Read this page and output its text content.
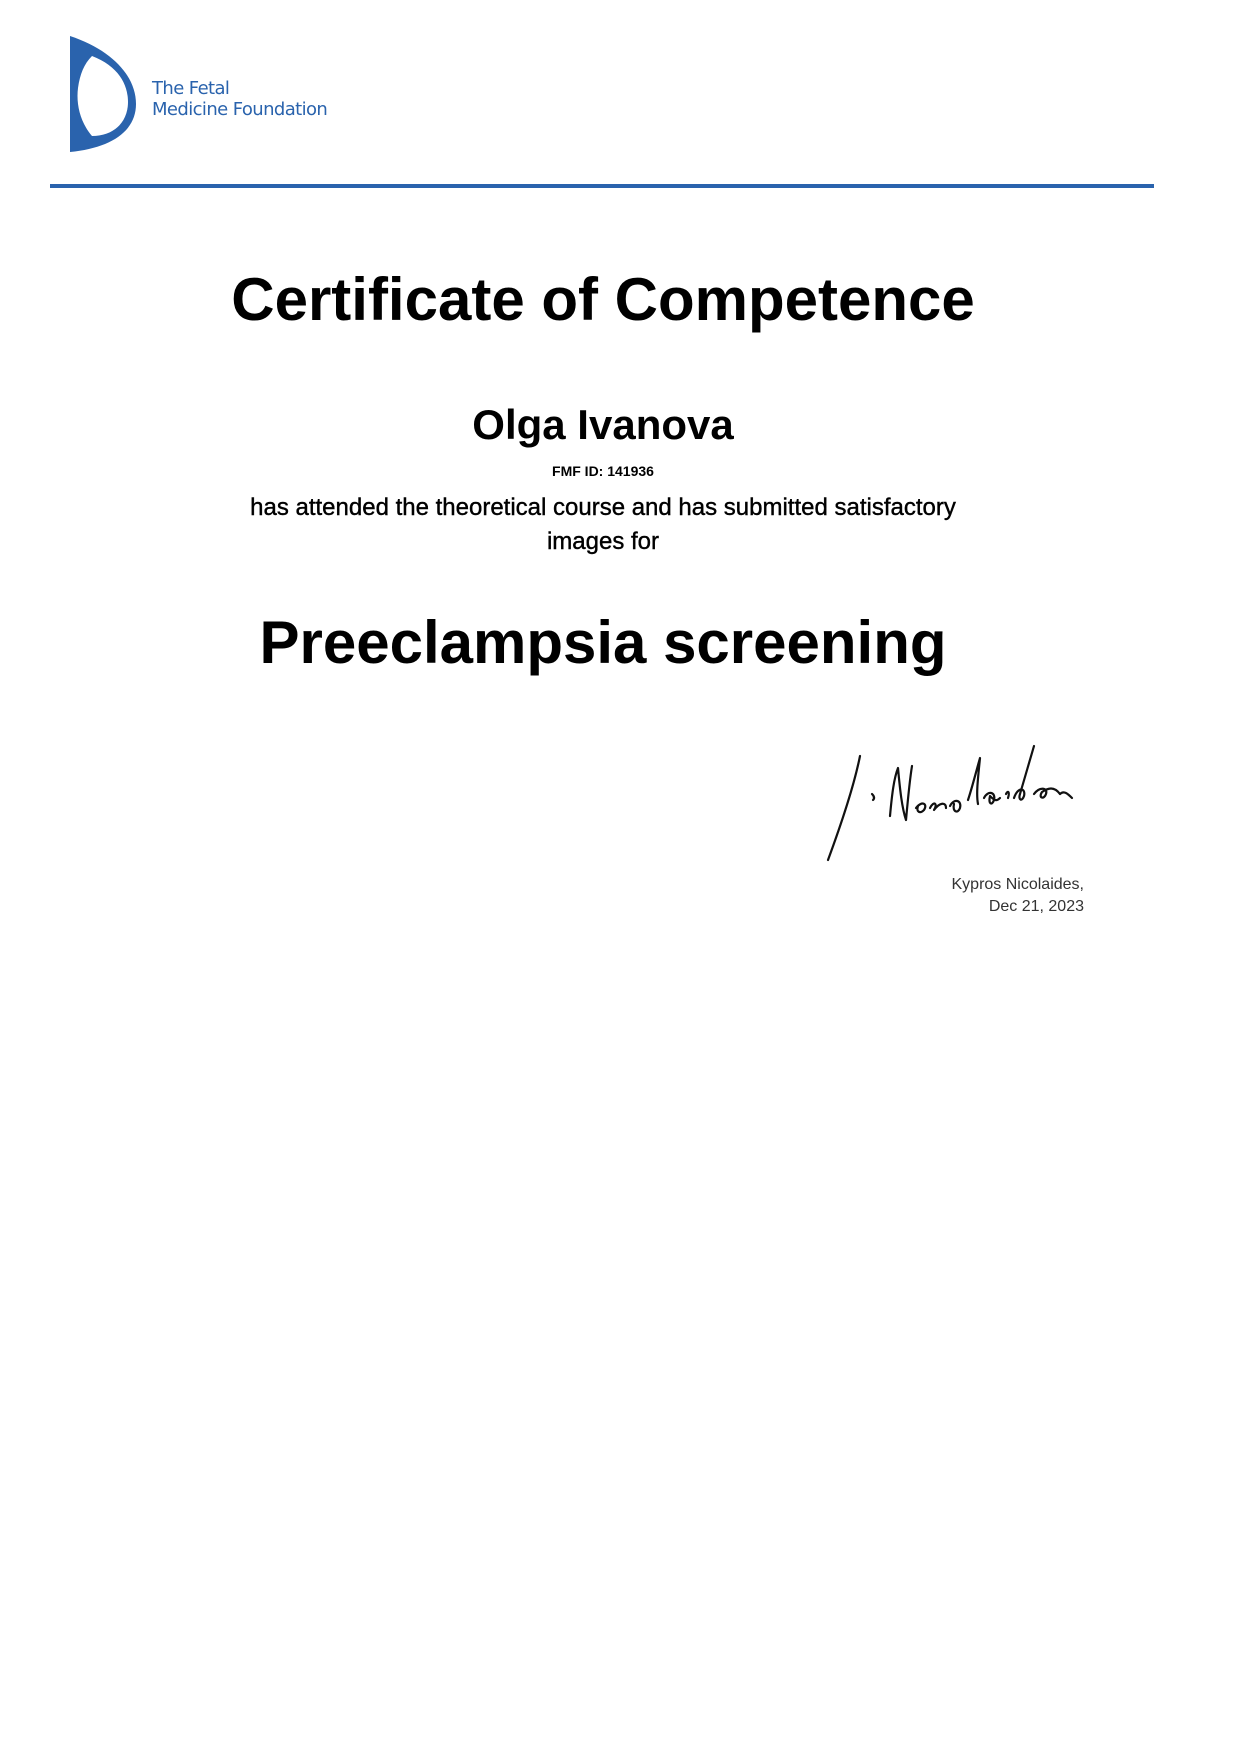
The Fetal
Medicine Foundation
Certificate of Competence
Olga Ivanova
FMF ID: 141936
has attended the theoretical course and has submitted satisfactory
images for
Preeclampsia screening
Kypros Nicolaides,
Dec 21, 2023
